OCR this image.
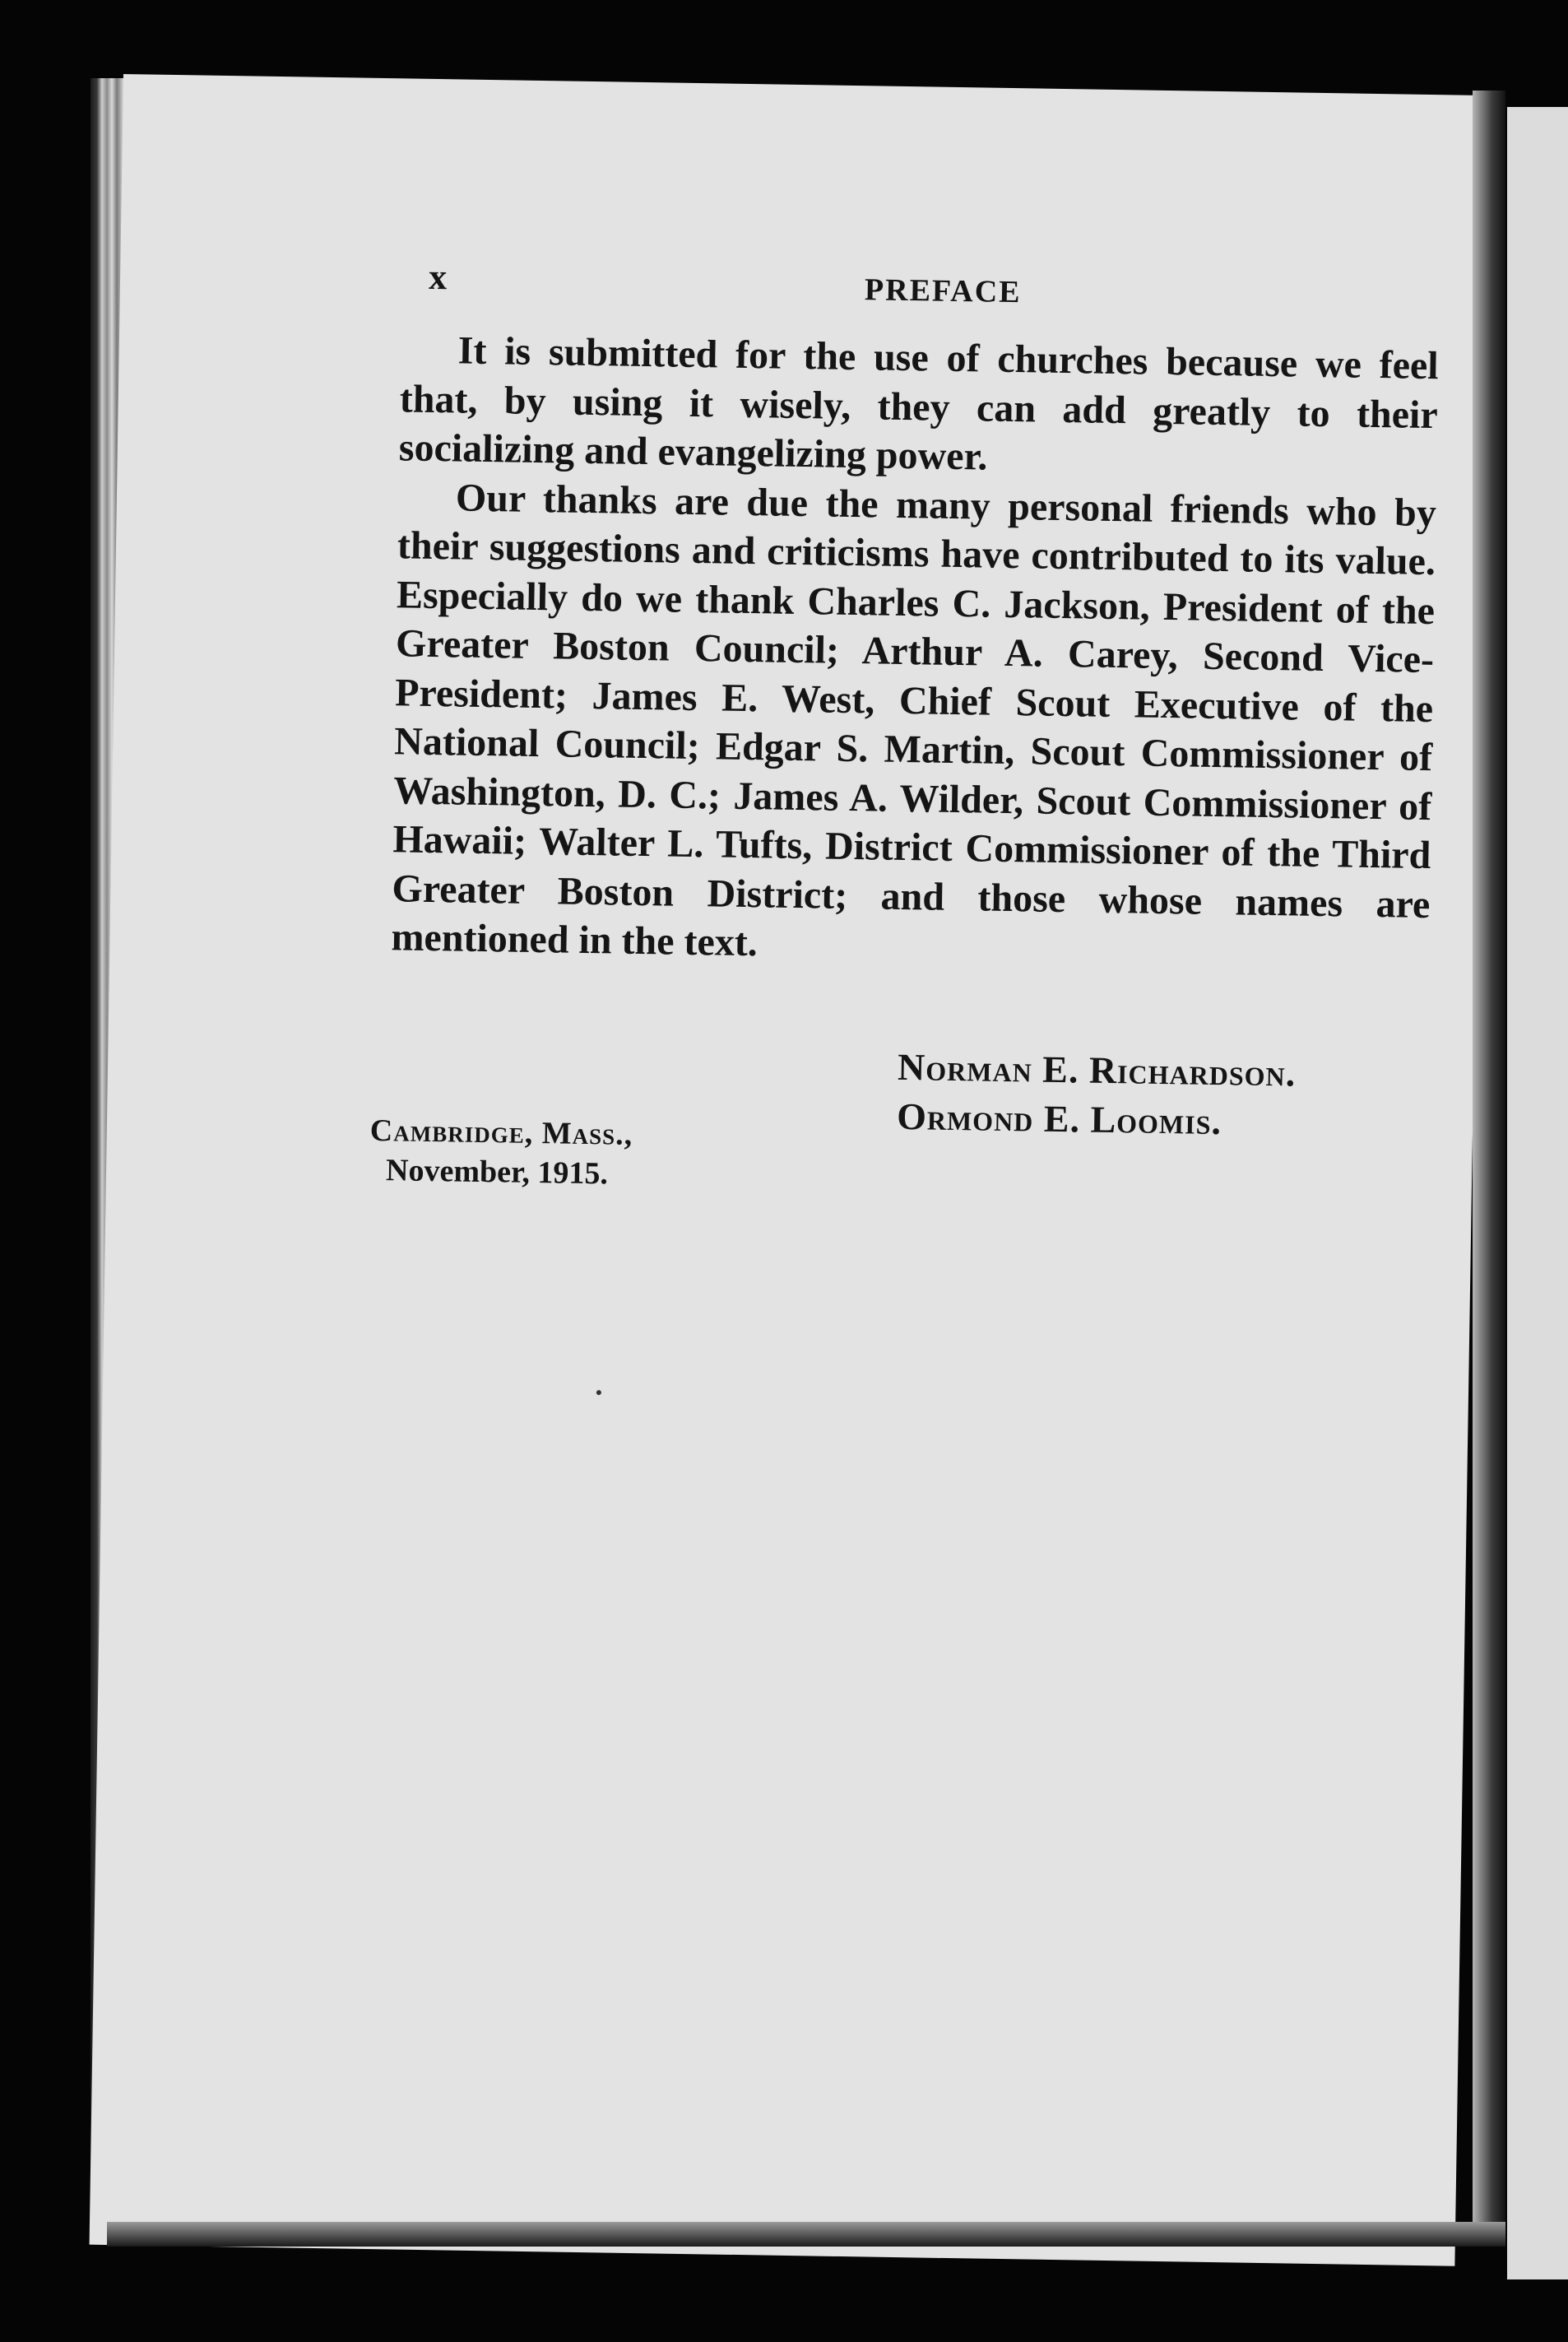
x	PREFACE

It is submitted for the use of churches because we feel that, by using it wisely, they can add greatly to their socializing and evangelizing power.

Our thanks are due the many personal friends who by their suggestions and criticisms have contributed to its value. Especially do we thank Charles C. Jackson, President of the Greater Boston Council; Arthur A. Carey, Second Vice-President; James E. West, Chief Scout Executive of the National Council; Edgar S. Martin, Scout Commissioner of Washington, D. C.; James A. Wilder, Scout Commissioner of Hawaii; Walter L. Tufts, District Commissioner of the Third Greater Boston District; and those whose names are mentioned in the text.

Norman E. Richardson.
Ormond E. Loomis.
Cambridge, Mass.,
November, 1915.
